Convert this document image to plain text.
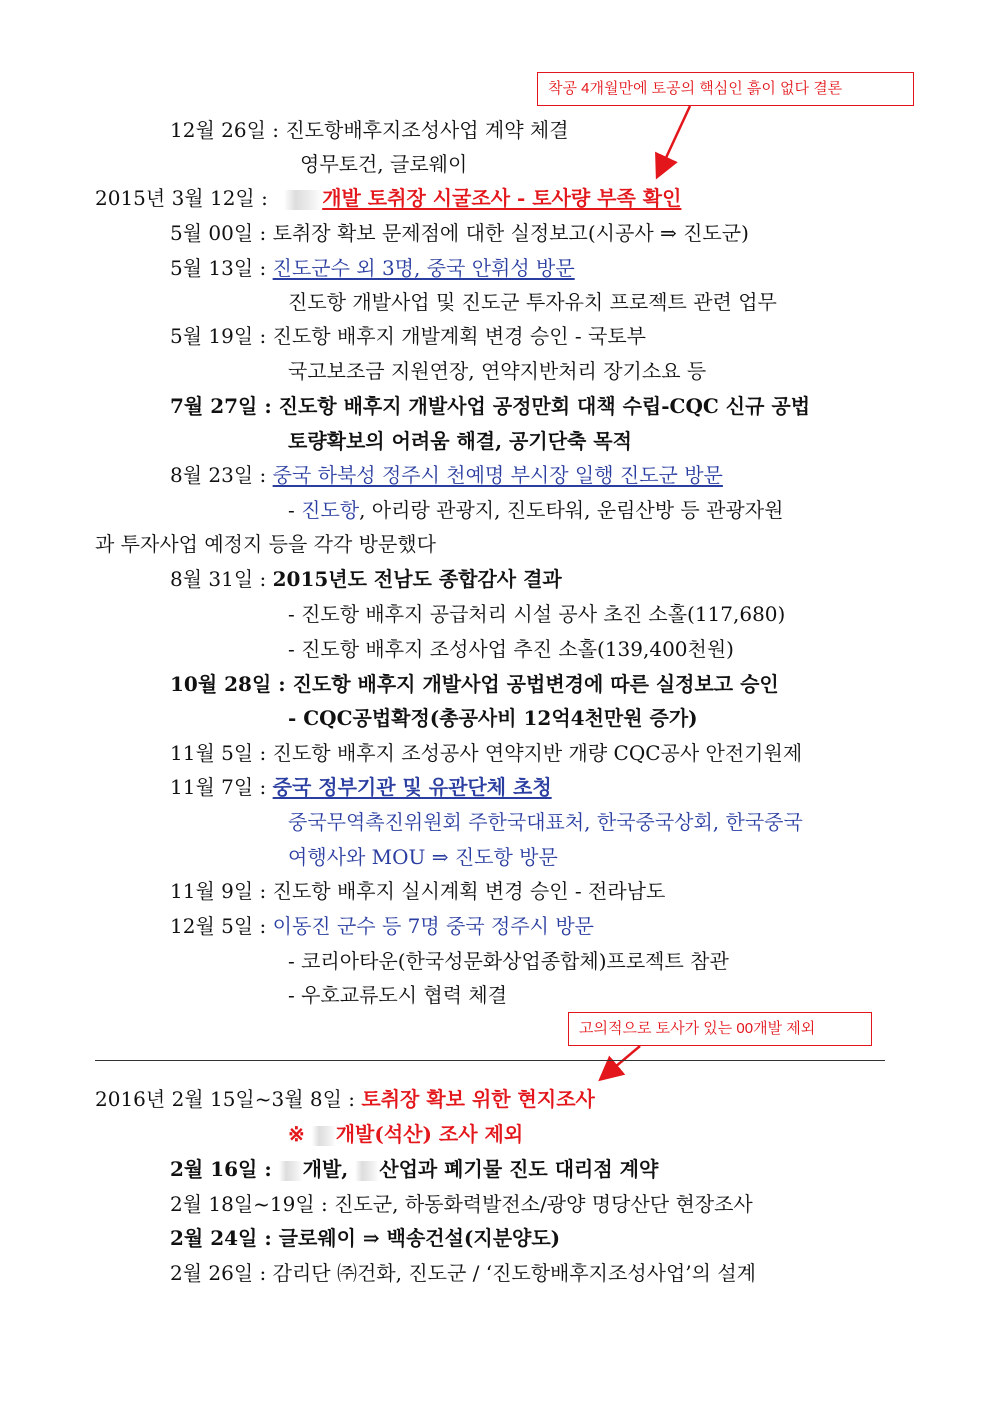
착공 4개월만에 토공의 핵심인 흙이 없다 결론
고의적으로 토사가 있는 00개발 제외
12월 26일 : 진도항배후지조성사업 계약 체결
영무토건, 글로웨이
2015년 3월 12일 :	개발 토취장 시굴조사 - 토사량 부족 확인
5월 00일 : 토취장 확보 문제점에 대한 실정보고(시공사 ⇒ 진도군)
5월 13일 : 진도군수 외 3명, 중국 안휘성 방문
진도항 개발사업 및 진도군 투자유치 프로젝트 관련 업무
5월 19일 : 진도항 배후지 개발계획 변경 승인 - 국토부
국고보조금 지원연장, 연약지반처리 장기소요 등
7월 27일 : 진도항 배후지 개발사업 공정만회 대책 수립-CQC 신규 공법
토량확보의 어려움 해결, 공기단축 목적
8월 23일 : 중국 하북성 정주시 천예명 부시장 일행 진도군 방문
- 진도항, 아리랑 관광지, 진도타워, 운림산방 등 관광자원
과 투자사업 예정지 등을 각각 방문했다
8월 31일 : 2015년도 전남도 종합감사 결과
- 진도항 배후지 공급처리 시설 공사 초진 소홀(117,680)
- 진도항 배후지 조성사업 추진 소홀(139,400천원)
10월 28일 : 진도항 배후지 개발사업 공법변경에 따른 실정보고 승인
- CQC공법확정(총공사비 12억4천만원 증가)
11월 5일 : 진도항 배후지 조성공사 연약지반 개량 CQC공사 안전기원제
11월 7일 : 중국 정부기관 및 유관단체 초청
중국무역촉진위원회 주한국대표처, 한국중국상회, 한국중국
여행사와 MOU ⇒ 진도항 방문
11월 9일 : 진도항 배후지 실시계획 변경 승인 - 전라남도
12월 5일 : 이동진 군수 등 7명 중국 정주시 방문
- 코리아타운(한국성문화상업종합체)프로젝트 참관
- 우호교류도시 협력 체결
2016년 2월 15일~3월 8일 : 토취장 확보 위한 현지조사
※ 개발(석산) 조사 제외
2월 16일 : 개발, 산업과 폐기물 진도 대리점 계약
2월 18일~19일 : 진도군, 하동화력발전소/광양 명당산단 현장조사
2월 24일 : 글로웨이 ⇒ 백송건설(지분양도)
2월 26일 : 감리단 ㈜건화, 진도군 / ‘진도항배후지조성사업’의 설계
